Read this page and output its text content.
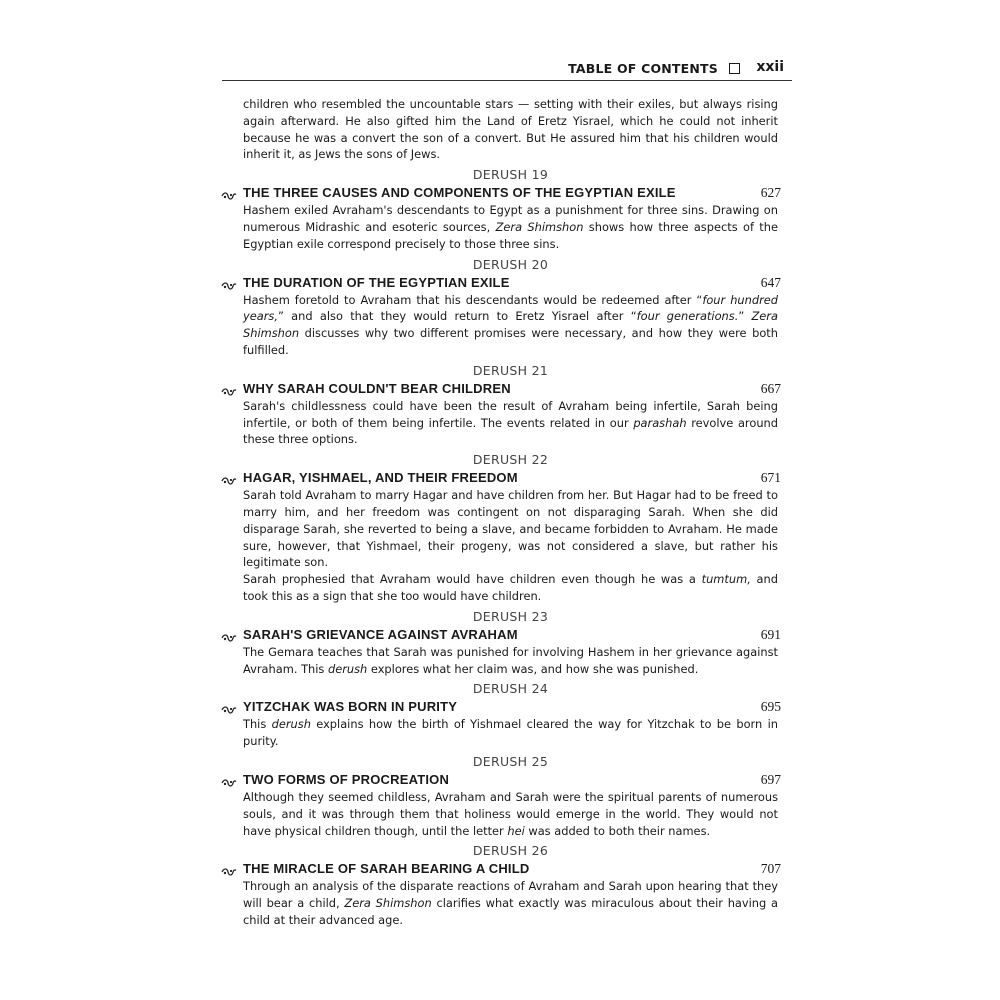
TABLE OF CONTENTS	xxii

children who resembled the uncountable stars — setting with their exiles, but always rising again afterward. He also gifted him the Land of Eretz Yisrael, which he could not inherit because he was a convert the son of a convert. But He assured him that his children would inherit it, as Jews the sons of Jews.

DERUSH 19
THE THREE CAUSES AND COMPONENTS OF THE EGYPTIAN EXILE	627

Hashem exiled Avraham's descendants to Egypt as a punishment for three sins. Drawing on numerous Midrashic and esoteric sources, Zera Shimshon shows how three aspects of the Egyptian exile correspond precisely to those three sins.

DERUSH 20
THE DURATION OF THE EGYPTIAN EXILE	647

Hashem foretold to Avraham that his descendants would be redeemed after “four hundred years,” and also that they would return to Eretz Yisrael after “four generations.” Zera Shimshon discusses why two different promises were necessary, and how they were both fulfilled.

DERUSH 21
WHY SARAH COULDN'T BEAR CHILDREN	667

Sarah's childlessness could have been the result of Avraham being infertile, Sarah being infertile, or both of them being infertile. The events related in our parashah revolve around these three options.

DERUSH 22
HAGAR, YISHMAEL, AND THEIR FREEDOM	671

Sarah told Avraham to marry Hagar and have children from her. But Hagar had to be freed to marry him, and her freedom was contingent on not disparaging Sarah. When she did disparage Sarah, she reverted to being a slave, and became forbidden to Avraham. He made sure, however, that Yishmael, their progeny, was not considered a slave, but rather his legitimate son.

Sarah prophesied that Avraham would have children even though he was a tumtum, and took this as a sign that she too would have children.

DERUSH 23
SARAH'S GRIEVANCE AGAINST AVRAHAM	691

The Gemara teaches that Sarah was punished for involving Hashem in her grievance against Avraham. This derush explores what her claim was, and how she was punished.

DERUSH 24
YITZCHAK WAS BORN IN PURITY	695

This derush explains how the birth of Yishmael cleared the way for Yitzchak to be born in purity.

DERUSH 25
TWO FORMS OF PROCREATION	697

Although they seemed childless, Avraham and Sarah were the spiritual parents of numerous souls, and it was through them that holiness would emerge in the world. They would not have physical children though, until the letter hei was added to both their names.

DERUSH 26
THE MIRACLE OF SARAH BEARING A CHILD	707

Through an analysis of the disparate reactions of Avraham and Sarah upon hearing that they will bear a child, Zera Shimshon clarifies what exactly was miraculous about their having a child at their advanced age.
